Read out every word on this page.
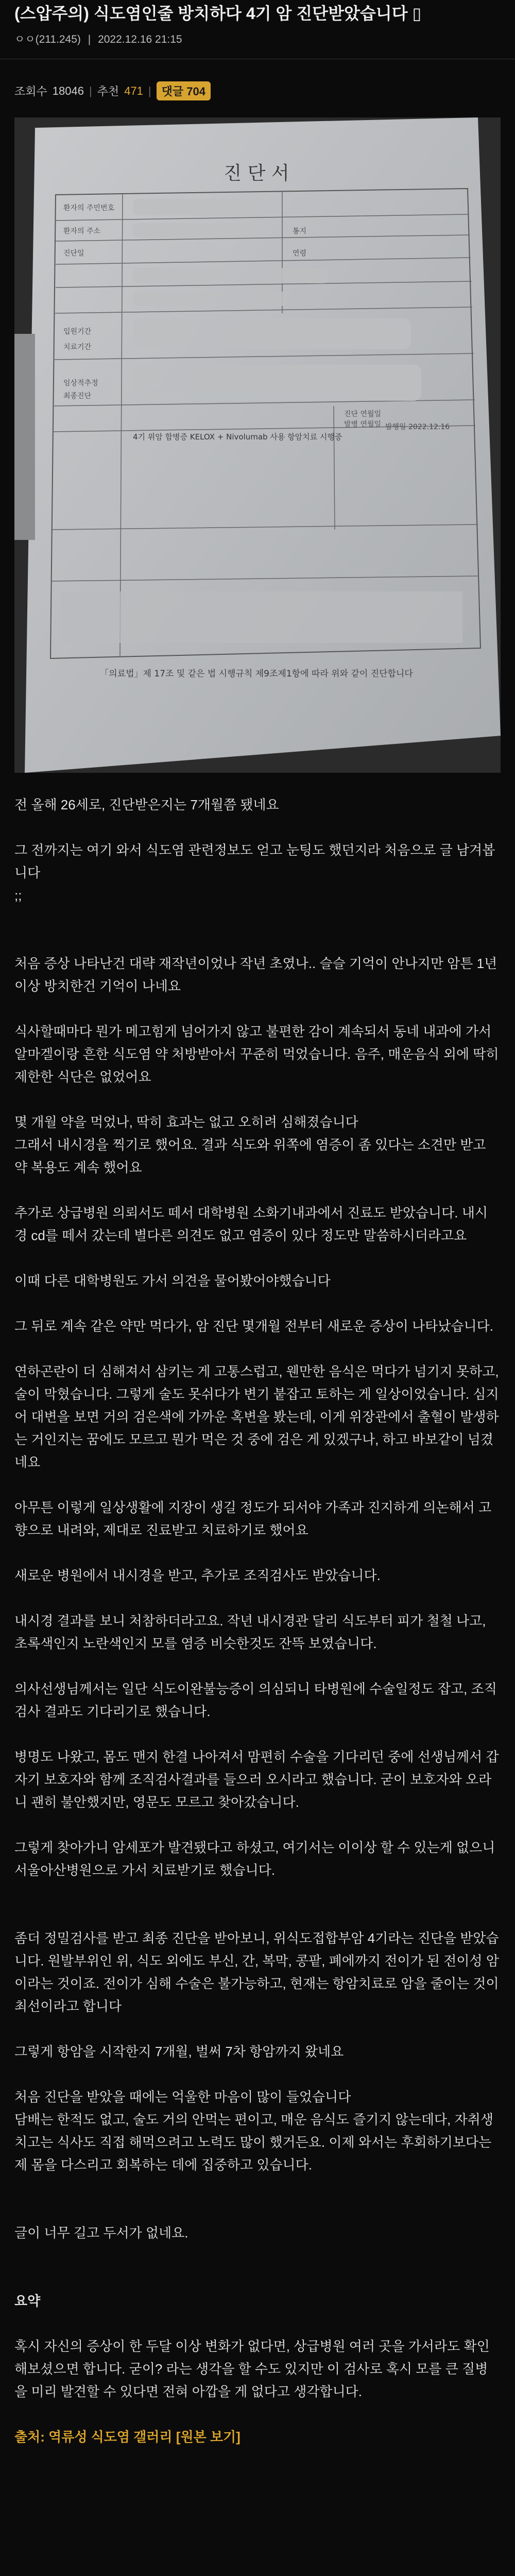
(스압주의) 식도염인줄 방치하다 4기 암 진단받았습니다 ▯
ㅇㅇ(211.245) | 2022.12.16 21:15
조회수 18046 | 추천 471 | 댓글 704
진 단 서
환자의 주민번호
환자의 주소
진단일
통지
연령
입원기간
치료기간
임상적추정
최종진단
진단 연월일
발병 연월일
4기 위암 합병증 KELOX + Nivolumab 사용 항암치료 시행중
발행일 2022.12.16
「의료법」제 17조 및 같은 법 시행규칙 제9조제1항에 따라 위와 같이 진단합니다

전 올해 26세로, 진단받은지는 7개월쯤 됐네요

그 전까지는 여기 와서 식도염 관련정보도 얻고 눈팅도 했던지라 처음으로 글 남겨봅니다

;;

처음 증상 나타난건 대략 재작년이었나 작년 초였나.. 슬슬 기억이 안나지만 암튼 1년 이상 방치한건 기억이 나네요

식사할때마다 뭔가 메고힘게 넘어가지 않고 불편한 감이 계속되서 동네 내과에 가서 알마겔이랑 흔한 식도염 약 처방받아서 꾸준히 먹었습니다. 음주, 매운음식 외에 딱히 제한한 식단은 없었어요

몇 개월 약을 먹었나, 딱히 효과는 없고 오히려 심해졌습니다
그래서 내시경을 찍기로 했어요. 결과 식도와 위쪽에 염증이 좀 있다는 소견만 받고 약 복용도 계속 했어요

추가로 상급병원 의뢰서도 떼서 대학병원 소화기내과에서 진료도 받았습니다. 내시경 cd를 떼서 갔는데 별다른 의견도 없고 염증이 있다 정도만 말씀하시더라고요

이때 다른 대학병원도 가서 의견을 물어봤어야했습니다

그 뒤로 계속 같은 약만 먹다가, 암 진단 몇개월 전부터 새로운 증상이 나타났습니다.

연하곤란이 더 심해져서 삼키는 게 고통스럽고, 웬만한 음식은 먹다가 넘기지 못하고, 술이 막혔습니다. 그렇게 술도 못쉬다가 변기 붙잡고 토하는 게 일상이었습니다. 심지어 대변을 보면 거의 검은색에 가까운 혹변을 봤는데, 이게 위장관에서 출혈이 발생하는 거인지는 꿈에도 모르고 뭔가 먹은 것 중에 검은 게 있겠구나, 하고 바보같이 넘겼네요

아무튼 이렇게 일상생활에 지장이 생길 정도가 되서야 가족과 진지하게 의논해서 고향으로 내려와, 제대로 진료받고 치료하기로 했어요

새로운 병원에서 내시경을 받고, 추가로 조직검사도 받았습니다.

내시경 결과를 보니 처참하더라고요. 작년 내시경관 달리 식도부터 피가 철철 나고, 초록색인지 노란색인지 모를 염증 비슷한것도 잔뜩 보였습니다.

의사선생님께서는 일단 식도이완불능증이 의심되니 타병원에 수술일정도 잡고, 조직검사 결과도 기다리기로 했습니다.

병명도 나왔고, 몸도 맨지 한결 나아져서 맘편히 수술을 기다리던 중에 선생님께서 갑자기 보호자와 함께 조직검사결과를 들으러 오시라고 했습니다. 굳이 보호자와 오라니 괜히 불안했지만, 영문도 모르고 찾아갔습니다.

그렇게 찾아가니 암세포가 발견됐다고 하셨고, 여기서는 이이상 할 수 있는게 없으니 서울아산병원으로 가서 치료받기로 했습니다.

좀더 정밀검사를 받고 최종 진단을 받아보니, 위식도접합부암 4기라는 진단을 받았습니다. 원발부위인 위, 식도 외에도 부신, 간, 복막, 콩팥, 폐에까지 전이가 된 전이성 암이라는 것이죠. 전이가 심해 수술은 불가능하고, 현재는 항암치료로 암을 줄이는 것이 최선이라고 합니다

그렇게 항암을 시작한지 7개월, 벌써 7차 항암까지 왔네요

처음 진단을 받았을 때에는 억울한 마음이 많이 들었습니다
담배는 한적도 없고, 술도 거의 안먹는 편이고, 매운 음식도 즐기지 않는데다, 자취생 치고는 식사도 직접 해먹으려고 노력도 많이 했거든요. 이제 와서는 후회하기보다는 제 몸을 다스리고 회복하는 데에 집중하고 있습니다.

글이 너무 길고 두서가 없네요.

요약

혹시 자신의 증상이 한 두달 이상 변화가 없다면, 상급병원 여러 곳을 가서라도 확인해보셨으면 합니다. 굳이? 라는 생각을 할 수도 있지만 이 검사로 혹시 모를 큰 질병을 미리 발견할 수 있다면 전혀 아깝을 게 없다고 생각합니다.

출처: 역류성 식도염 갤러리 [원본 보기]
